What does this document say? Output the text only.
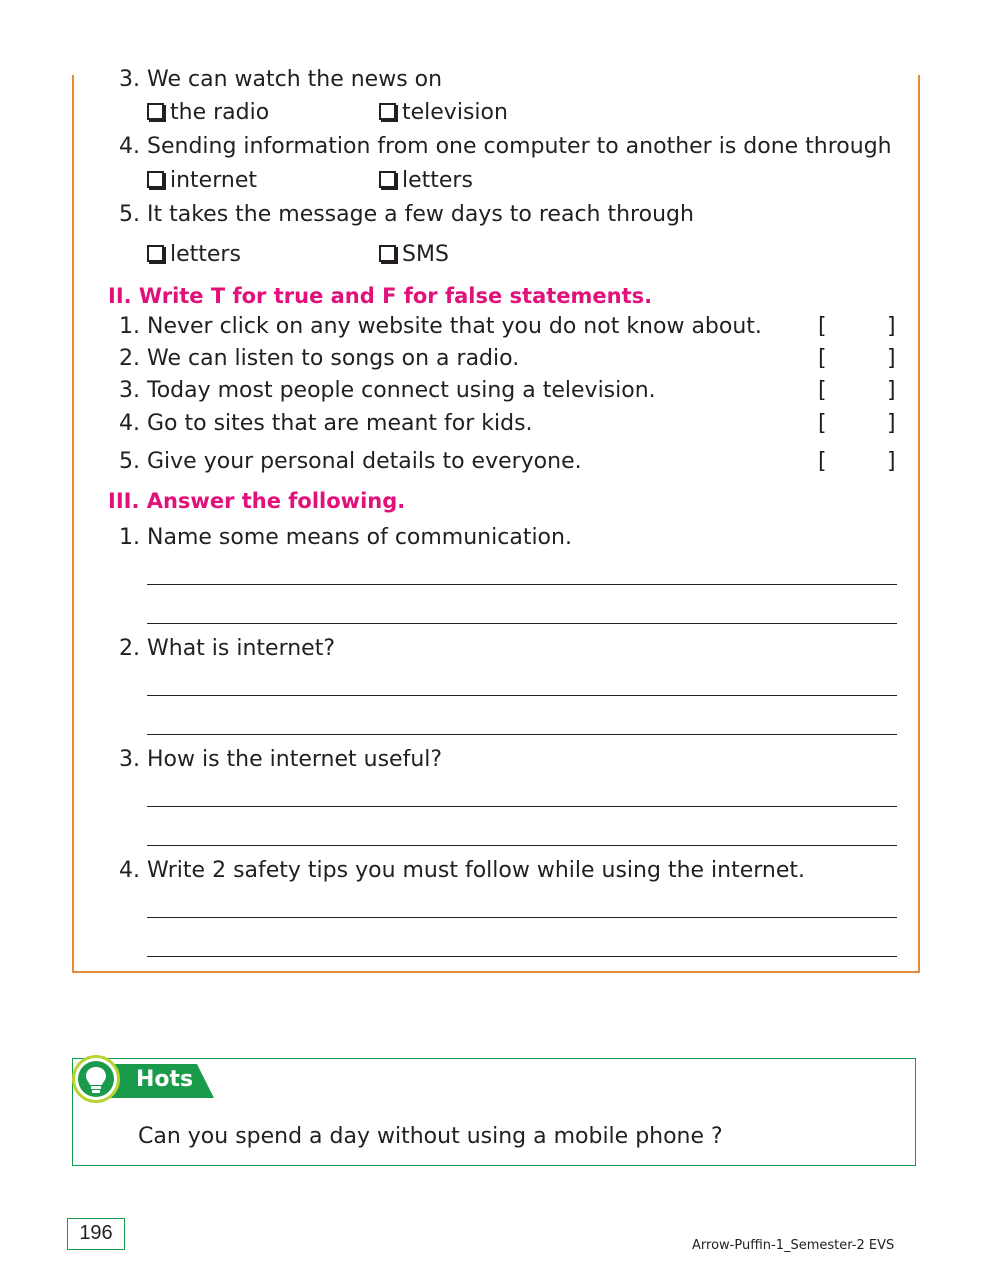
3. We can watch the news on
the radio	television
4. Sending information from one computer to another is done through
internet	letters
5. It takes the message a few days to reach through
letters	SMS
II. Write T for true and F for false statements.
1. Never click on any website that you do not know about.	[	]
2. We can listen to songs on a radio.	[	]
3. Today most people connect using a television.	[	]
4. Go to sites that are meant for kids.	[	]
5. Give your personal details to everyone.	[	]
III. Answer the following.
1. Name some means of communication.
2. What is internet?
3. How is the internet useful?
4. Write 2 safety tips you must follow while using the internet.
Hots
Can you spend a day without using a mobile phone ?
196
Arrow-Puffin-1_Semester-2 EVS
